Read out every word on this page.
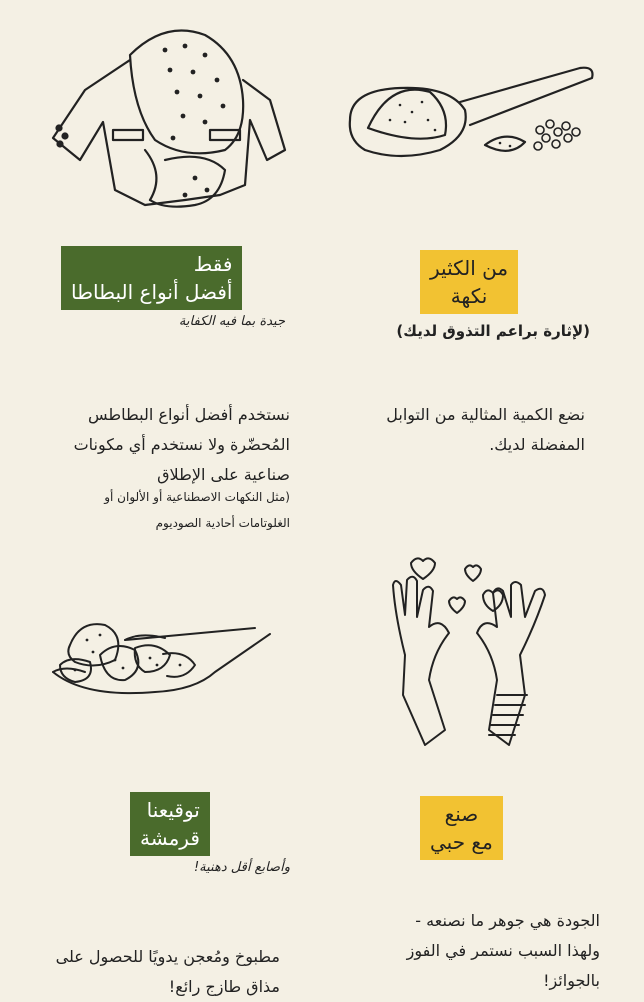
فقط
أفضل أنواع البطاطا
جيدة بما فيه الكفاية
نستخدم أفضل أنواع البطاطس
المُحضّرة ولا نستخدم أي مكونات
صناعية على الإطلاق
(مثل النكهات الاصطناعية أو الألوان أو
الغلوتامات أحادية الصوديوم
من الكثير
نكهة
(لإثارة براعم التذوق لديك)
نضع الكمية المثالية من التوابل
المفضلة لديك.
توقيعنا
قرمشة
وأصابع أقل دهنية!
مطبوخ ومُعجن يدويًا للحصول على
مذاق طازج رائع!
صنع
مع حبي
الجودة هي جوهر ما نصنعه -
ولهذا السبب نستمر في الفوز
بالجوائز!
